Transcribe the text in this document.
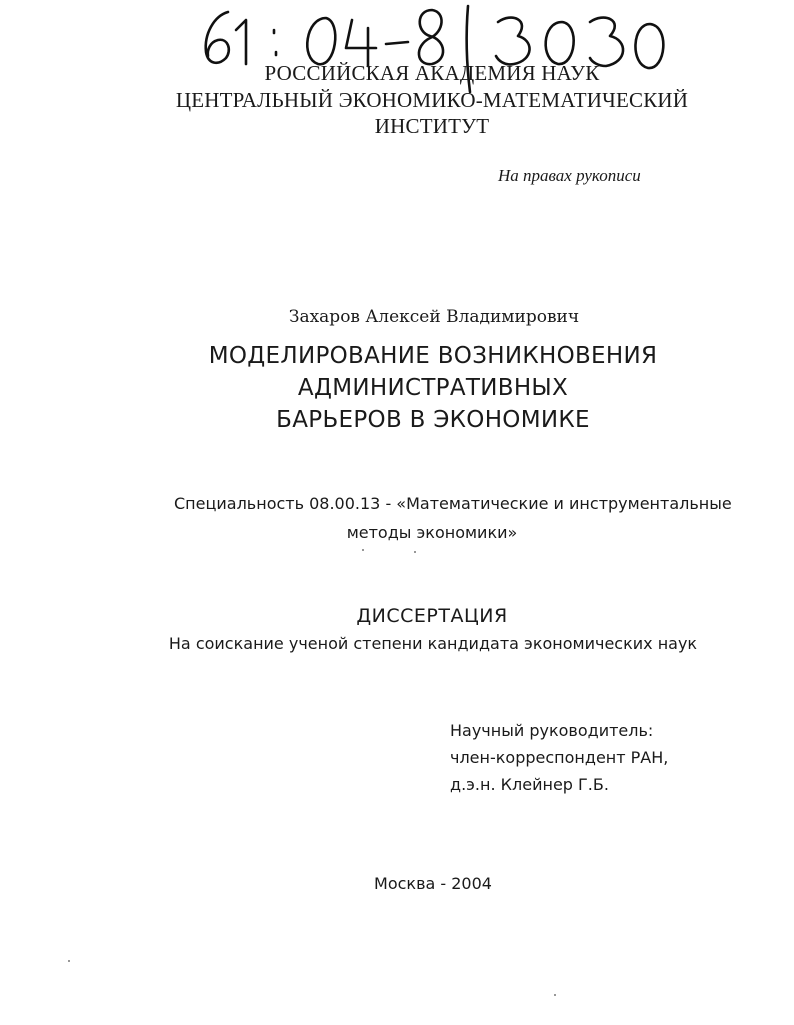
РОССИЙСКАЯ АКАДЕМИЯ НАУК
ЦЕНТРАЛЬНЫЙ ЭКОНОМИКО-МАТЕМАТИЧЕСКИЙ
ИНСТИТУТ
На правах рукописи
Захаров Алексей Владимирович
МОДЕЛИРОВАНИЕ ВОЗНИКНОВЕНИЯ
АДМИНИСТРАТИВНЫХ
БАРЬЕРОВ В ЭКОНОМИКЕ
Специальность 08.00.13 - «Математические и инструментальные
методы экономики»
ДИССЕРТАЦИЯ
На соискание ученой степени кандидата экономических наук
Научный руководитель:
член-корреспондент РАН,
д.э.н. Клейнер Г.Б.
Москва - 2004
